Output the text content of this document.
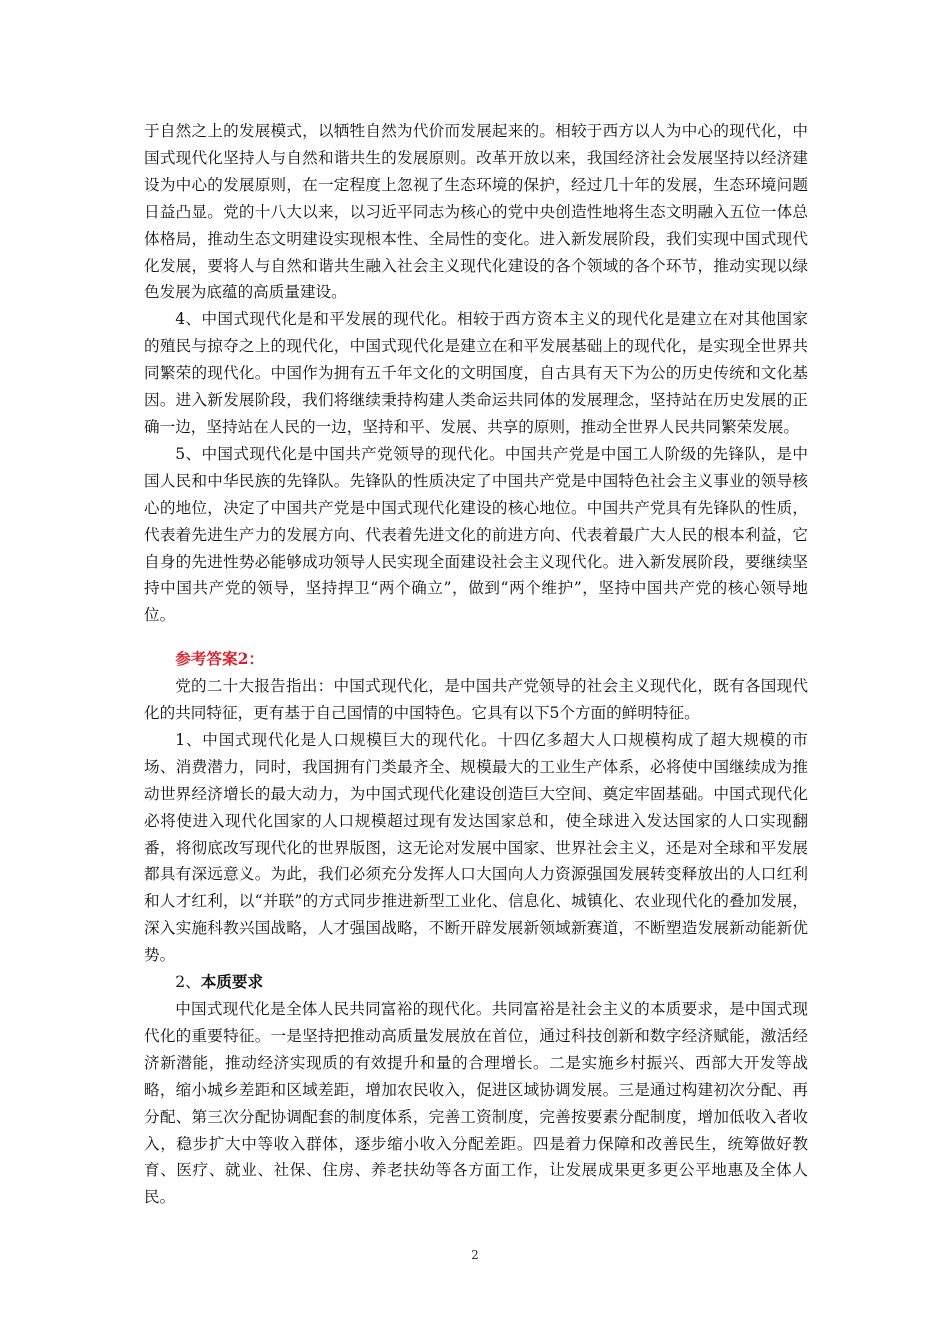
于自然之上的发展模式，以牺牲自然为代价而发展起来的。相较于西方以人为中心的现代化，中国式现代化坚持人与自然和谐共生的发展原则。改革开放以来，我国经济社会发展坚持以经济建设为中心的发展原则，在一定程度上忽视了生态环境的保护，经过几十年的发展，生态环境问题日益凸显。党的十八大以来，以习近平同志为核心的党中央创造性地将生态文明融入五位一体总体格局，推动生态文明建设实现根本性、全局性的变化。进入新发展阶段，我们实现中国式现代化发展，要将人与自然和谐共生融入社会主义现代化建设的各个领域的各个环节，推动实现以绿色发展为底蕴的高质量建设。

4、中国式现代化是和平发展的现代化。相较于西方资本主义的现代化是建立在对其他国家的殖民与掠夺之上的现代化，中国式现代化是建立在和平发展基础上的现代化，是实现全世界共同繁荣的现代化。中国作为拥有五千年文化的文明国度，自古具有天下为公的历史传统和文化基因。进入新发展阶段，我们将继续秉持构建人类命运共同体的发展理念，坚持站在历史发展的正确一边，坚持站在人民的一边，坚持和平、发展、共享的原则，推动全世界人民共同繁荣发展。

5、中国式现代化是中国共产党领导的现代化。中国共产党是中国工人阶级的先锋队，是中国人民和中华民族的先锋队。先锋队的性质决定了中国共产党是中国特色社会主义事业的领导核心的地位，决定了中国共产党是中国式现代化建设的核心地位。中国共产党具有先锋队的性质，代表着先进生产力的发展方向、代表着先进文化的前进方向、代表着最广大人民的根本利益，它自身的先进性势必能够成功领导人民实现全面建设社会主义现代化。进入新发展阶段，要继续坚持中国共产党的领导，坚持捍卫“两个确立”，做到“两个维护”，坚持中国共产党的核心领导地位。

参考答案2：

党的二十大报告指出：中国式现代化，是中国共产党领导的社会主义现代化，既有各国现代化的共同特征，更有基于自己国情的中国特色。它具有以下5个方面的鲜明特征。

1、中国式现代化是人口规模巨大的现代化。十四亿多超大人口规模构成了超大规模的市场、消费潜力，同时，我国拥有门类最齐全、规模最大的工业生产体系，必将使中国继续成为推动世界经济增长的最大动力，为中国式现代化建设创造巨大空间、奠定牢固基础。中国式现代化必将使进入现代化国家的人口规模超过现有发达国家总和，使全球进入发达国家的人口实现翻番，将彻底改写现代化的世界版图，这无论对发展中国家、世界社会主义，还是对全球和平发展都具有深远意义。为此，我们必须充分发挥人口大国向人力资源强国发展转变释放出的人口红利和人才红利，以“并联”的方式同步推进新型工业化、信息化、城镇化、农业现代化的叠加发展，深入实施科教兴国战略，人才强国战略，不断开辟发展新领域新赛道，不断塑造发展新动能新优势。

2、本质要求

中国式现代化是全体人民共同富裕的现代化。共同富裕是社会主义的本质要求，是中国式现代化的重要特征。一是坚持把推动高质量发展放在首位，通过科技创新和数字经济赋能，激活经济新潜能，推动经济实现质的有效提升和量的合理增长。二是实施乡村振兴、西部大开发等战略，缩小城乡差距和区域差距，增加农民收入，促进区域协调发展。三是通过构建初次分配、再分配、第三次分配协调配套的制度体系，完善工资制度，完善按要素分配制度，增加低收入者收入，稳步扩大中等收入群体，逐步缩小收入分配差距。四是着力保障和改善民生，统筹做好教育、医疗、就业、社保、住房、养老扶幼等各方面工作，让发展成果更多更公平地惠及全体人民。

2
